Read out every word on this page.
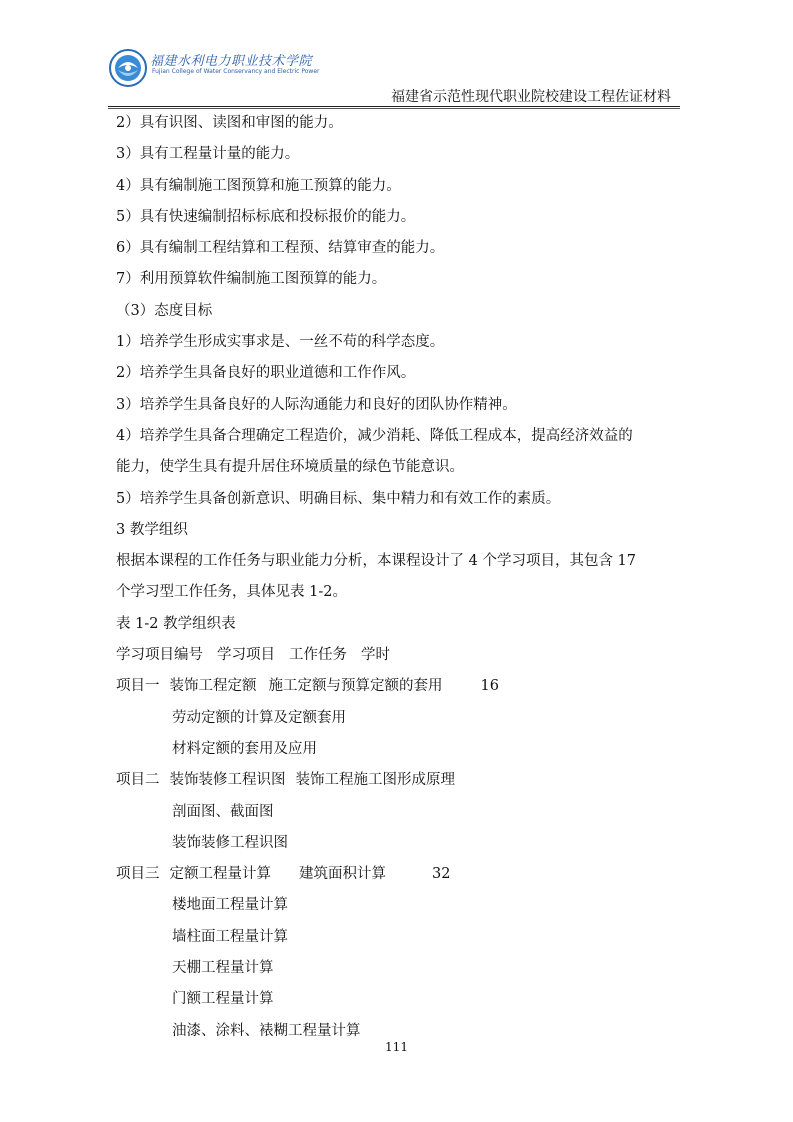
福建水利电力职业技术学院
Fujian College of Water Conservancy and Electric Power
福建省示范性现代职业院校建设工程佐证材料
2）具有识图、读图和审图的能力。
3）具有工程量计量的能力。
4）具有编制施工图预算和施工预算的能力。
5）具有快速编制招标标底和投标报价的能力。
6）具有编制工程结算和工程预、结算审查的能力。
7）利用预算软件编制施工图预算的能力。
（3）态度目标
1）培养学生形成实事求是、一丝不苟的科学态度。
2）培养学生具备良好的职业道德和工作作风。
3）培养学生具备良好的人际沟通能力和良好的团队协作精神。
4）培养学生具备合理确定工程造价，减少消耗、降低工程成本，提高经济效益的
能力，使学生具有提升居住环境质量的绿色节能意识。
5）培养学生具备创新意识、明确目标、集中精力和有效工作的素质。
3 教学组织
根据本课程的工作任务与职业能力分析，本课程设计了 4 个学习项目，其包含 17
个学习型工作任务，具体见表 1-2。
表 1-2 教学组织表
学习项目编号 学习项目 工作任务 学时
项目一 装饰工程定额 施工定额与预算定额的套用	16
劳动定额的计算及定额套用
材料定额的套用及应用
项目二 装饰装修工程识图 装饰工程施工图形成原理
剖面图、截面图
装饰装修工程识图
项目三 定额工程量计算 建筑面积计算	32
楼地面工程量计算
墙柱面工程量计算
天棚工程量计算
门额工程量计算
油漆、涂料、裱糊工程量计算
111
